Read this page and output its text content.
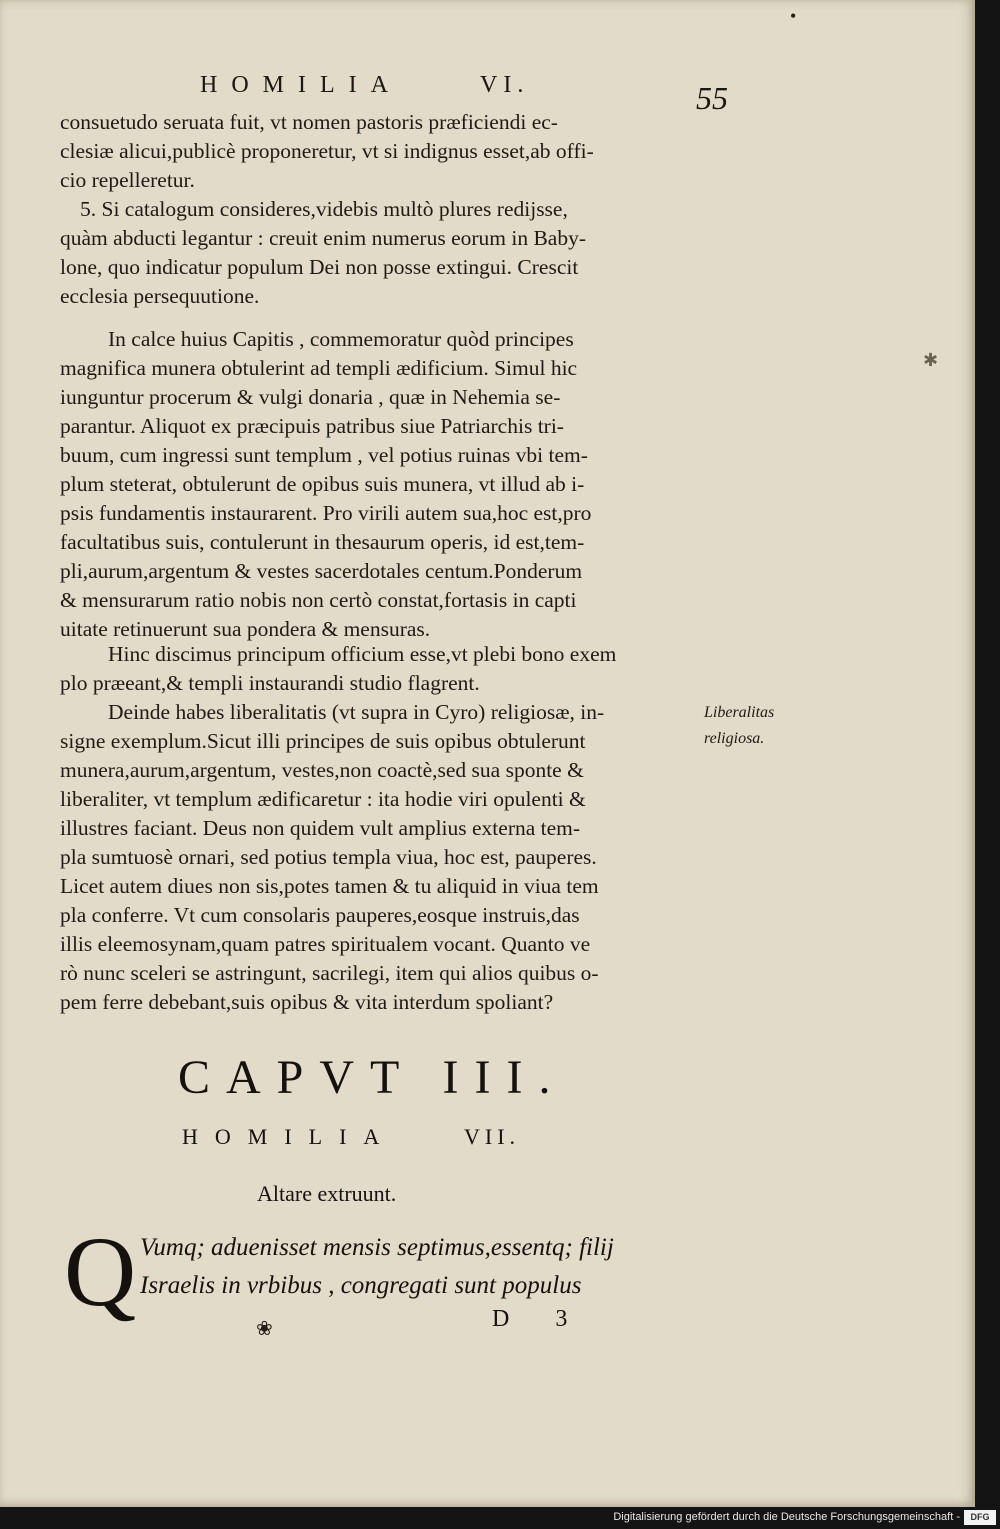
•
✱
HOMILIA	VI.	55
consuetudo seruata fuit, vt nomen pastoris præficiendi ec-
clesiæ alicui,publicè proponeretur, vt si indignus esset,ab offi-
cio repelleretur.
5. Si catalogum consideres,videbis multò plures redijsse,
quàm abducti legantur : creuit enim numerus eorum in Baby-
lone, quo indicatur populum Dei non posse extingui. Crescit
ecclesia persequutione.
In calce huius Capitis , commemoratur quòd principes
magnifica munera obtulerint ad templi ædificium. Simul hic
iunguntur procerum & vulgi donaria , quæ in Nehemia se-
parantur. Aliquot ex præcipuis patribus siue Patriarchis tri-
buum, cum ingressi sunt templum , vel potius ruinas vbi tem-
plum steterat, obtulerunt de opibus suis munera, vt illud ab i-
psis fundamentis instaurarent. Pro virili autem sua,hoc est,pro
facultatibus suis, contulerunt in thesaurum operis, id est,tem-
pli,aurum,argentum & vestes sacerdotales centum.Ponderum
& mensurarum ratio nobis non certò constat,fortasis in capti
uitate retinuerunt sua pondera & mensuras.
Hinc discimus principum officium esse,vt plebi bono exem
plo præeant,& templi instaurandi studio flagrent.
Deinde habes liberalitatis (vt supra in Cyro) religiosæ, in-
signe exemplum.Sicut illi principes de suis opibus obtulerunt
munera,aurum,argentum, vestes,non coactè,sed sua sponte &
liberaliter, vt templum ædificaretur : ita hodie viri opulenti &
illustres faciant. Deus non quidem vult amplius externa tem-
pla sumtuosè ornari, sed potius templa viua, hoc est, pauperes.
Licet autem diues non sis,potes tamen & tu aliquid in viua tem
pla conferre. Vt cum consolaris pauperes,eosque instruis,das
illis eleemosynam,quam patres spiritualem vocant. Quanto ve
rò nunc sceleri se astringunt, sacrilegi, item qui alios quibus o-
pem ferre debebant,suis opibus & vita interdum spoliant?
Liberalitas
religiosa.
CAPVT III.
HOMILIA	VII.
Altare extruunt.
Q Vumq; aduenisset mensis septimus,essentq; filij
Israelis in vrbibus , congregati sunt populus
❀	D 3
Digitalisierung gefördert durch die Deutsche Forschungsgemeinschaft -	DFG
